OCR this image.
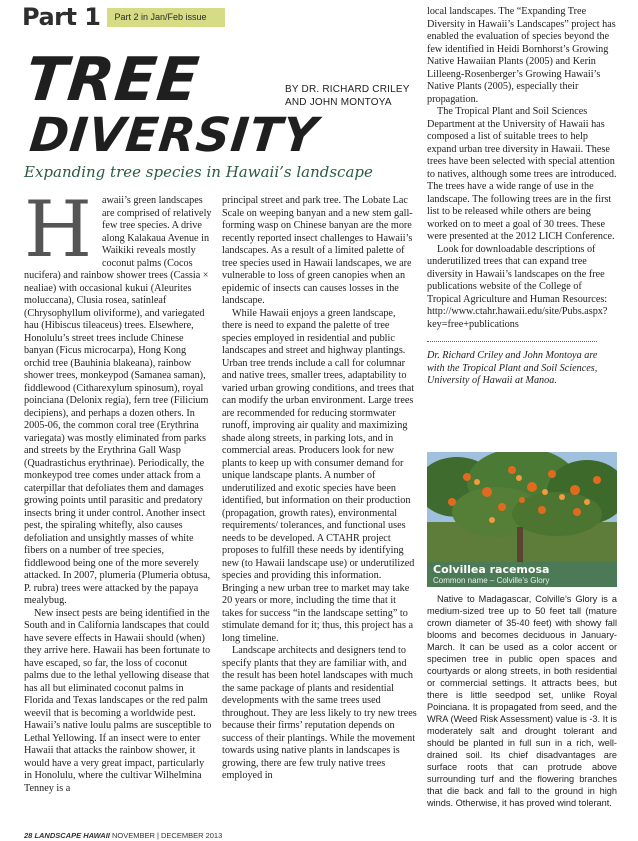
Part 1	Part 2 in Jan/Feb issue
TREE
DIVERSITY
BY DR. RICHARD CRILEY
AND JOHN MONTOYA
Expanding tree species in Hawaii’s landscape
H awaii’s green landscapes are comprised of relatively few tree species. A drive along Kalakaua Avenue in Waikiki reveals mostly coconut palms (Cocos nucifera) and rainbow shower trees (Cassia × nealiae) with occasional kukui (Aleurites moluccana), Clusia rosea, satinleaf (Chrysophyllum oliviforme), and variegated hau (Hibiscus tileaceus) trees. Elsewhere, Honolulu’s street trees include Chinese banyan (Ficus microcarpa), Hong Kong orchid tree (Bauhinia blakeana), rainbow shower trees, monkeypod (Samanea saman), fiddlewood (Citharexylum spinosum), royal poinciana (Delonix regia), fern tree (Filicium decipiens), and perhaps a dozen others. In 2005-06, the common coral tree (Erythrina variegata) was mostly eliminated from parks and streets by the Erythrina Gall Wasp (Quadrastichus erythrinae). Periodically, the monkeypod tree comes under attack from a caterpillar that defoliates them and damages growing points until parasitic and predatory insects bring it under control. Another insect pest, the spiraling whitefly, also causes defoliation and unsightly masses of white fibers on a number of tree species, fiddlewood being one of the more severely attacked. In 2007, plumeria (Plumeria obtusa, P. rubra) trees were attacked by the papaya mealybug.

New insect pests are being identified in the South and in California landscapes that could have severe effects in Hawaii should (when) they arrive here. Hawaii has been fortunate to have escaped, so far, the loss of coconut palms due to the lethal yellowing disease that has all but eliminated coconut palms in Florida and Texas landscapes or the red palm weevil that is becoming a worldwide pest. Hawaii’s native loulu palms are susceptible to Lethal Yellowing. If an insect were to enter Hawaii that attacks the rainbow shower, it would have a very great impact, particularly in Honolulu, where the cultivar Wilhelmina Tenney is a

principal street and park tree. The Lobate Lac Scale on weeping banyan and a new stem gall-forming wasp on Chinese banyan are the more recently reported insect challenges to Hawaii’s landscapes. As a result of a limited palette of tree species used in Hawaii landscapes, we are vulnerable to loss of green canopies when an epidemic of insects can causes losses in the landscape.

While Hawaii enjoys a green landscape, there is need to expand the palette of tree species employed in residential and public landscapes and street and highway plantings. Urban tree trends include a call for columnar and native trees, smaller trees, adaptability to varied urban growing conditions, and trees that can modify the urban environment. Large trees are recommended for reducing stormwater runoff, improving air quality and maximizing shade along streets, in parking lots, and in commercial areas. Producers look for new plants to keep up with consumer demand for unique landscape plants. A number of underutilized and exotic species have been identified, but information on their production (propagation, growth rates), environmental requirements/ tolerances, and functional uses needs to be developed. A CTAHR project proposes to fulfill these needs by identifying new (to Hawaii landscape use) or underutilized species and providing this information. Bringing a new urban tree to market may take 20 years or more, including the time that it takes for success “in the landscape setting” to stimulate demand for it; thus, this project has a long timeline.

Landscape architects and designers tend to specify plants that they are familiar with, and the result has been hotel landscapes with much the same package of plants and residential developments with the same trees used throughout. They are less likely to try new trees because their firms’ reputation depends on success of their plantings. While the movement towards using native plants in landscapes is growing, there are few truly native trees employed in

local landscapes. The “Expanding Tree Diversity in Hawaii’s Landscapes” project has enabled the evaluation of species beyond the few identified in Heidi Bornhorst’s Growing Native Hawaiian Plants (2005) and Kerin Lilleeng-Rosenberger’s Growing Hawaii’s Native Plants (2005), especially their propagation.

The Tropical Plant and Soil Sciences Department at the University of Hawaii has composed a list of suitable trees to help expand urban tree diversity in Hawaii. These trees have been selected with special attention to natives, although some trees are introduced. The trees have a wide range of use in the landscape. The following trees are in the first list to be released while others are being worked on to meet a goal of 30 trees. These were presented at the 2012 LICH Conference.

Look for downloadable descriptions of underutilized trees that can expand tree diversity in Hawaii’s landscapes on the free publications website of the College of Tropical Agriculture and Human Resources: http://www.ctahr.hawaii.edu/site/Pubs.aspx?key=free+publications

Dr. Richard Criley and John Montoya are with the Tropical Plant and Soil Sciences, University of Hawaii at Manoa.

Colvillea racemosa
Common name – Colville’s Glory

Native to Madagascar, Colville’s Glory is a medium-sized tree up to 50 feet tall (mature crown diameter of 35-40 feet) with showy fall blooms and becomes deciduous in January-March. It can be used as a color accent or specimen tree in public open spaces and courtyards or along streets, in both residential or commercial settings. It attracts bees, but there is little seedpod set, unlike Royal Poinciana. It is propagated from seed, and the WRA (Weed Risk Assessment) value is -3. It is moderately salt and drought tolerant and should be planted in full sun in a rich, well-drained soil. Its chief disadvantages are surface roots that can protrude above surrounding turf and the flowering branches that die back and fall to the ground in high winds. Otherwise, it has proved wind tolerant.

28 LANDSCAPE HAWAII NOVEMBER | DECEMBER 2013
